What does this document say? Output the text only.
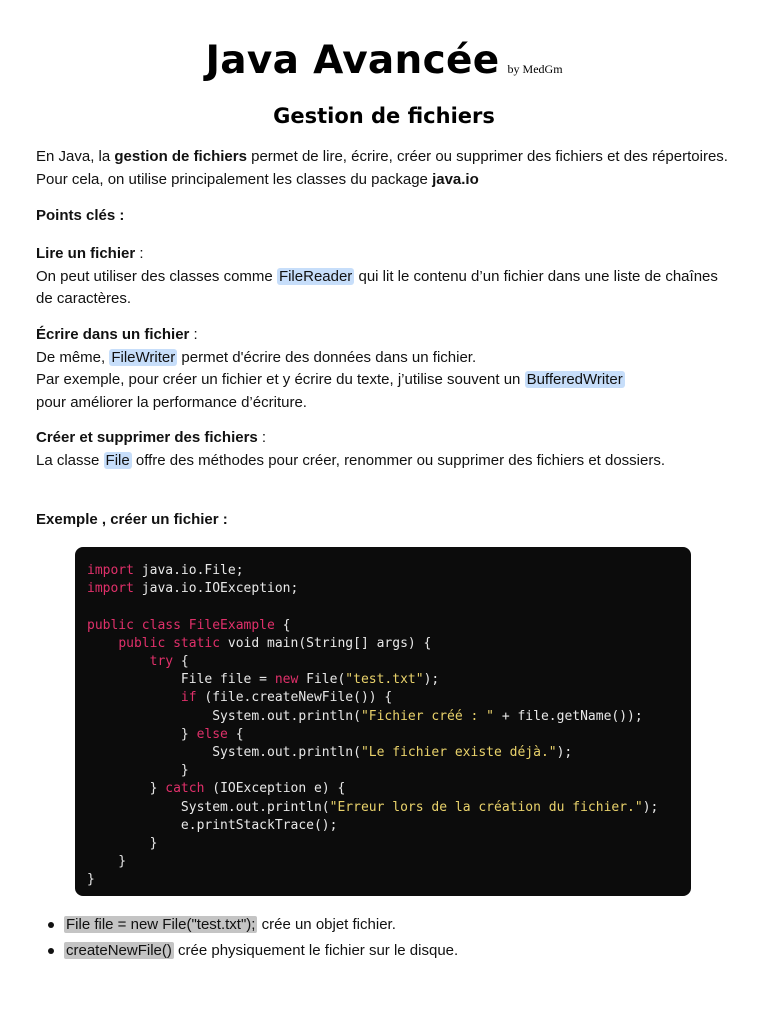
Java Avancée by MedGm
Gestion de fichiers

En Java, la gestion de fichiers permet de lire, écrire, créer ou supprimer des fichiers et des répertoires. Pour cela, on utilise principalement les classes du package java.io

Points clés :

Lire un fichier :

On peut utiliser des classes comme FileReader qui lit le contenu d’un fichier dans une liste de chaînes de caractères.

Écrire dans un fichier :

De même, FileWriter permet d'écrire des données dans un fichier.

Par exemple, pour créer un fichier et y écrire du texte, j’utilise souvent un BufferedWriter

pour améliorer la performance d’écriture.

Créer et supprimer des fichiers :

La classe File offre des méthodes pour créer, renommer ou supprimer des fichiers et dossiers.

Exemple , créer un fichier :

import java.io.File;
import java.io.IOException;

public class FileExample {
public static void main(String[] args) {
try {
File file = new File("test.txt");
if (file.createNewFile()) {
System.out.println("Fichier créé : " + file.getName());
} else {
System.out.println("Le fichier existe déjà.");
}
} catch (IOException e) {
System.out.println("Erreur lors de la création du fichier.");
e.printStackTrace();
}
}
}
File file = new File("test.txt"); crée un objet fichier.
createNewFile() crée physiquement le fichier sur le disque.
